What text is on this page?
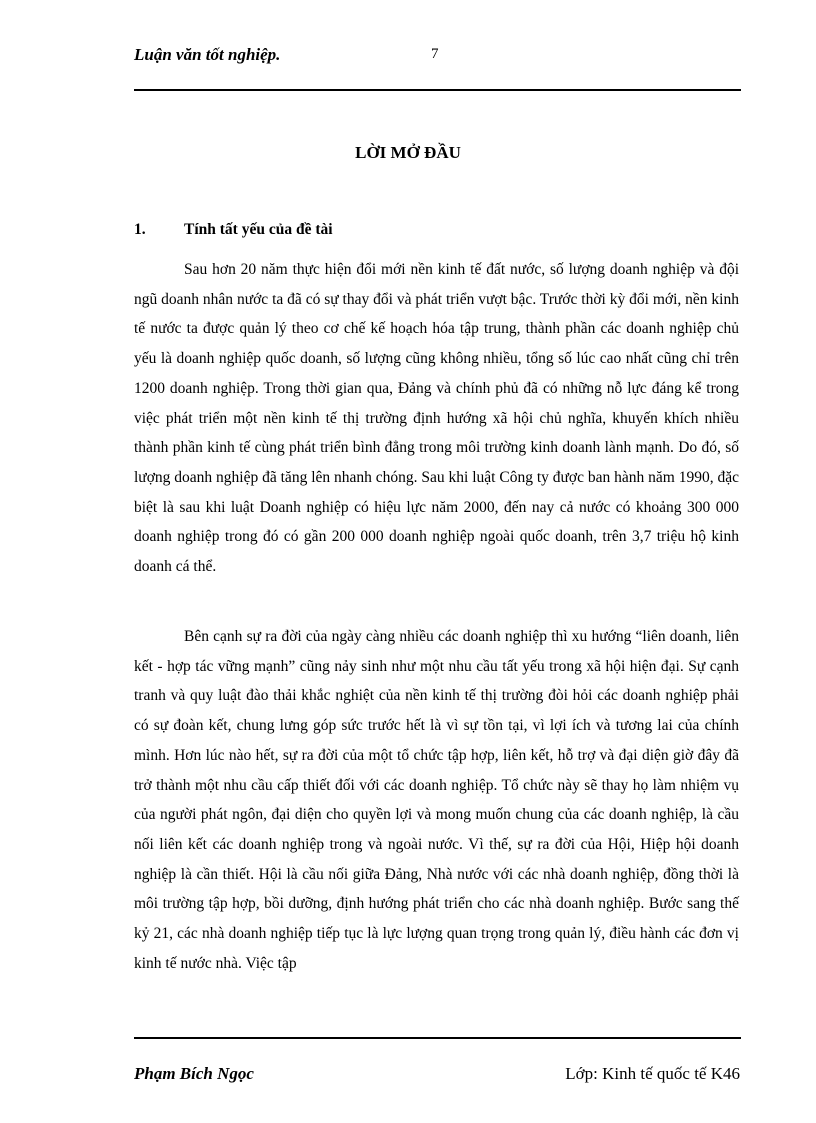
Luận văn tốt nghiệp.	7
LỜI MỞ ĐẦU
1. Tính tất yếu của đề tài

Sau hơn 20 năm thực hiện đổi mới nền kinh tế đất nước, số lượng doanh nghiệp và đội ngũ doanh nhân nước ta đã có sự thay đổi và phát triển vượt bậc. Trước thời kỳ đổi mới, nền kinh tế nước ta được quản lý theo cơ chế kế hoạch hóa tập trung, thành phần các doanh nghiệp chủ yếu là doanh nghiệp quốc doanh, số lượng cũng không nhiều, tổng số lúc cao nhất cũng chỉ trên 1200 doanh nghiệp. Trong thời gian qua, Đảng và chính phủ đã có những nỗ lực đáng kể trong việc phát triển một nền kinh tế thị trường định hướng xã hội chủ nghĩa, khuyến khích nhiều thành phần kinh tế cùng phát triển bình đẳng trong môi trường kinh doanh lành mạnh. Do đó, số lượng doanh nghiệp đã tăng lên nhanh chóng. Sau khi luật Công ty được ban hành năm 1990, đặc biệt là sau khi luật Doanh nghiệp có hiệu lực năm 2000, đến nay cả nước có khoảng 300 000 doanh nghiệp trong đó có gần 200 000 doanh nghiệp ngoài quốc doanh, trên 3,7 triệu hộ kinh doanh cá thể.

Bên cạnh sự ra đời của ngày càng nhiều các doanh nghiệp thì xu hướng “liên doanh, liên kết - hợp tác vững mạnh” cũng nảy sinh như một nhu cầu tất yếu trong xã hội hiện đại. Sự cạnh tranh và quy luật đào thải khắc nghiệt của nền kinh tế thị trường đòi hỏi các doanh nghiệp phải có sự đoàn kết, chung lưng góp sức trước hết là vì sự tồn tại, vì lợi ích và tương lai của chính mình. Hơn lúc nào hết, sự ra đời của một tổ chức tập hợp, liên kết, hỗ trợ và đại diện giờ đây đã trở thành một nhu cầu cấp thiết đối với các doanh nghiệp. Tổ chức này sẽ thay họ làm nhiệm vụ của người phát ngôn, đại diện cho quyền lợi và mong muốn chung của các doanh nghiệp, là cầu nối liên kết các doanh nghiệp trong và ngoài nước. Vì thế, sự ra đời của Hội, Hiệp hội doanh nghiệp là cần thiết. Hội là cầu nối giữa Đảng, Nhà nước với các nhà doanh nghiệp, đồng thời là môi trường tập hợp, bồi dưỡng, định hướng phát triển cho các nhà doanh nghiệp. Bước sang thế kỷ 21, các nhà doanh nghiệp tiếp tục là lực lượng quan trọng trong quản lý, điều hành các đơn vị kinh tế nước nhà. Việc tập

Phạm Bích Ngọc	Lớp: Kinh tế quốc tế K46
